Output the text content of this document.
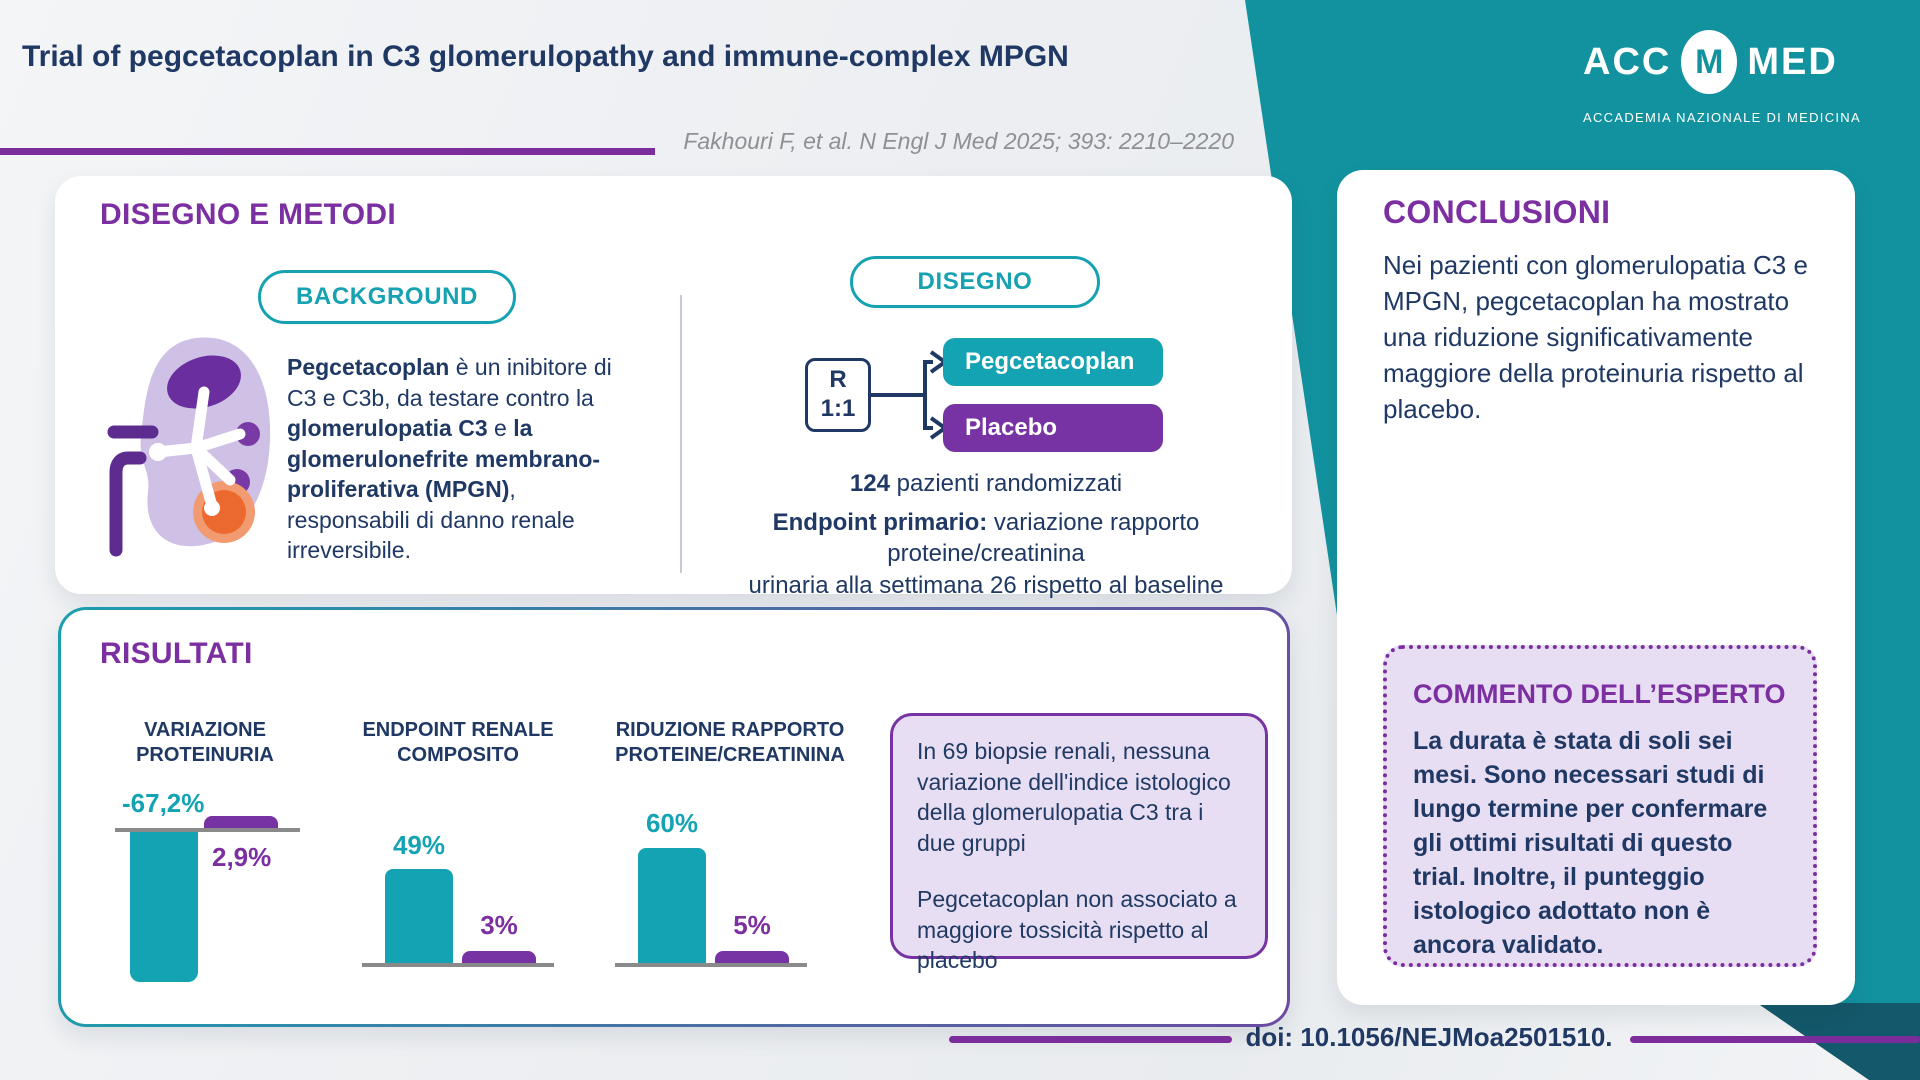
Trial of pegcetacoplan in C3 glomerulopathy and immune-complex MPGN
Fakhouri F, et al. N Engl J Med 2025; 393: 2210–2220
ACC M MED
ACCADEMIA NAZIONALE DI MEDICINA
DISEGNO E METODI
BACKGROUND
Pegcetacoplan è un inibitore di C3 e C3b, da testare contro la glomerulopatia C3 e la glomerulonefrite membrano-proliferativa (MPGN), responsabili di danno renale irreversibile.
DISEGNO
R
1:1
Pegcetacoplan
Placebo
124 pazienti randomizzati
Endpoint primario: variazione rapporto proteine/creatinina
urinaria alla settimana 26 rispetto al baseline
RISULTATI
VARIAZIONE
PROTEINURIA
-67,2%
2,9%
ENDPOINT RENALE
COMPOSITO
49%
3%
RIDUZIONE RAPPORTO
PROTEINE/CREATININA
60%
5%

In 69 biopsie renali, nessuna variazione dell'indice istologico della glomerulopatia C3 tra i due gruppi

Pegcetacoplan non associato a maggiore tossicità rispetto al placebo

CONCLUSIONI
Nei pazienti con glomerulopatia C3 e MPGN, pegcetacoplan ha mostrato una riduzione significativamente maggiore della proteinuria rispetto al placebo.
COMMENTO DELL’ESPERTO
La durata è stata di soli sei mesi. Sono necessari studi di lungo termine per confermare gli ottimi risultati di questo trial. Inoltre, il punteggio istologico adottato non è ancora validato.
doi: 10.1056/NEJMoa2501510.
